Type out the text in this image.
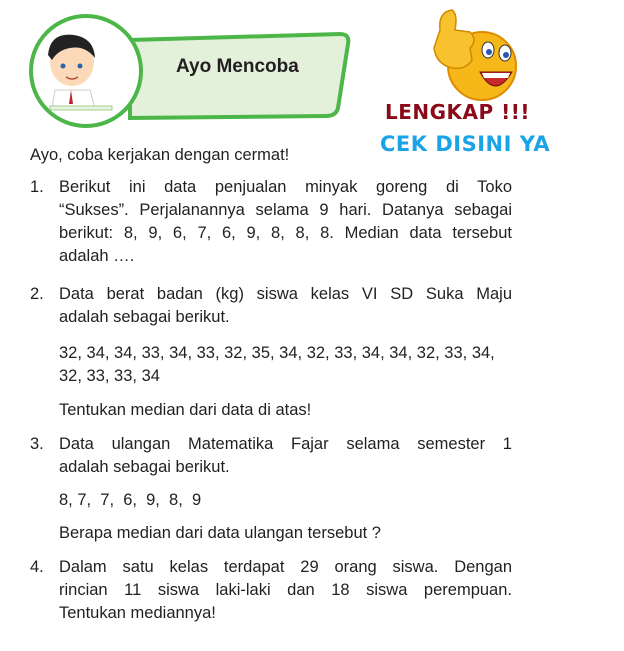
Ayo Mencoba
LENGKAP !!!
CEK DISINI YA
Ayo, coba kerjakan dengan cermat!
1. Berikut ini data penjualan minyak goreng di Toko
“Sukses”. Perjalanannya selama 9 hari. Datanya sebagai
berikut: 8, 9, 6, 7, 6, 9, 8, 8, 8. Median data tersebut
adalah ….
2. Data berat badan (kg) siswa kelas VI SD Suka Maju
adalah sebagai berikut.
32, 34, 34, 33, 34, 33, 32, 35, 34, 32, 33, 34, 34, 32, 33, 34,
32, 33, 33, 34
Tentukan median dari data di atas!
3. Data ulangan Matematika Fajar selama semester 1
adalah sebagai berikut.
8, 7,  7,  6,  9,  8,  9
Berapa median dari data ulangan tersebut ?
4. Dalam satu kelas terdapat 29 orang siswa. Dengan
rincian 11 siswa laki-laki dan 18 siswa perempuan.
Tentukan mediannya!
